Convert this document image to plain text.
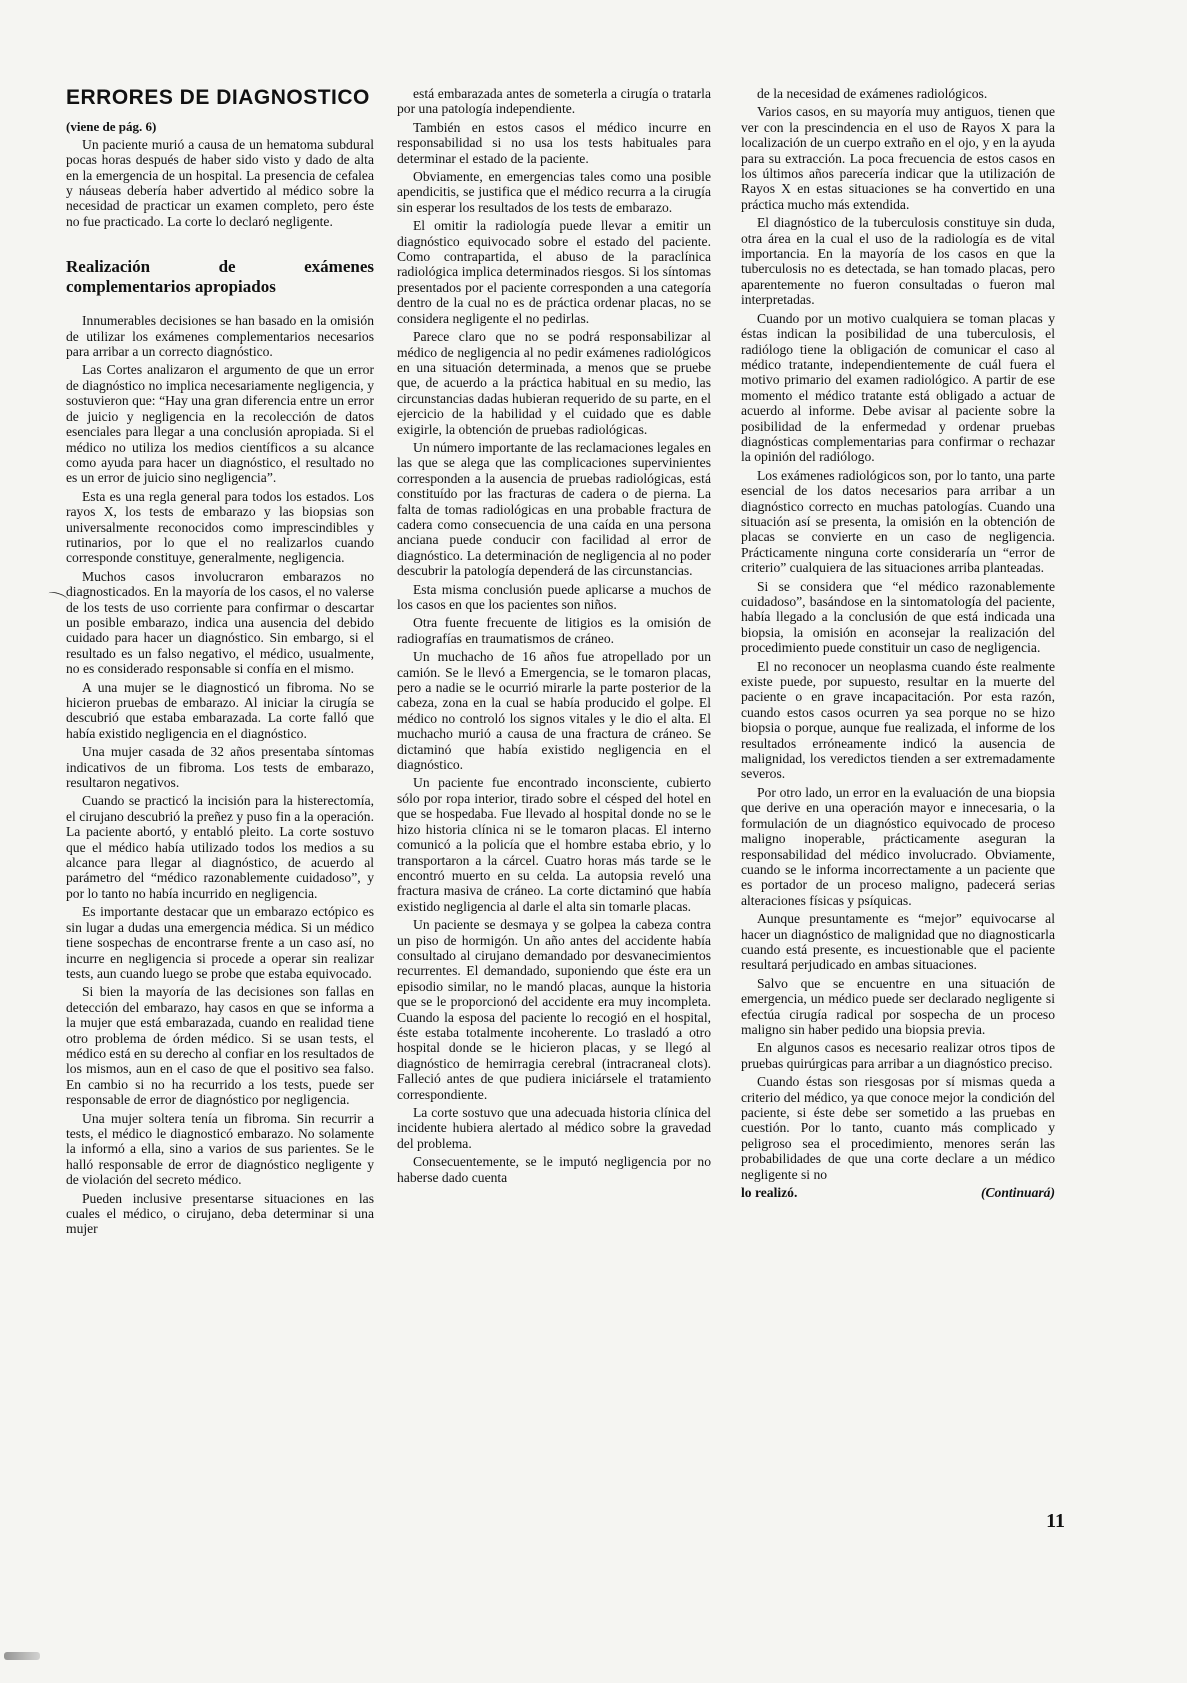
ERRORES DE DIAGNOSTICO
(viene de pág. 6)

Un paciente murió a causa de un hematoma subdural pocas horas después de haber sido visto y dado de alta en la emergencia de un hospital. La presencia de cefalea y náuseas debería haber advertido al médico sobre la necesidad de practicar un examen completo, pero éste no fue practicado. La corte lo declaró negligente.

Realización de exámenes complementarios apropiados

Innumerables decisiones se han basado en la omisión de utilizar los exámenes complementarios necesarios para arribar a un correcto diagnóstico.

Las Cortes analizaron el argumento de que un error de diagnóstico no implica necesariamente negligencia, y sostuvieron que: “Hay una gran diferencia entre un error de juicio y negligencia en la recolección de datos esenciales para llegar a una conclusión apropiada. Si el médico no utiliza los medios científicos a su alcance como ayuda para hacer un diagnóstico, el resultado no es un error de juicio sino negligencia”.

Esta es una regla general para todos los estados. Los rayos X, los tests de embarazo y las biopsias son universalmente reconocidos como imprescindibles y rutinarios, por lo que el no realizarlos cuando corresponde constituye, generalmente, negligencia.

Muchos casos involucraron embarazos no diagnosticados. En la mayoría de los casos, el no valerse de los tests de uso corriente para confirmar o descartar un posible embarazo, indica una ausencia del debido cuidado para hacer un diagnóstico. Sin embargo, si el resultado es un falso negativo, el médico, usualmente, no es considerado responsable si confía en el mismo.

A una mujer se le diagnosticó un fibroma. No se hicieron pruebas de embarazo. Al iniciar la cirugía se descubrió que estaba embarazada. La corte falló que había existido negligencia en el diagnóstico.

Una mujer casada de 32 años presentaba síntomas indicativos de un fibroma. Los tests de embarazo, resultaron negativos.

Cuando se practicó la incisión para la histerectomía, el cirujano descubrió la preñez y puso fin a la operación. La paciente abortó, y entabló pleito. La corte sostuvo que el médico había utilizado todos los medios a su alcance para llegar al diagnóstico, de acuerdo al parámetro del “médico razonablemente cuidadoso”, y por lo tanto no había incurrido en negligencia.

Es importante destacar que un embarazo ectópico es sin lugar a dudas una emergencia médica. Si un médico tiene sospechas de encontrarse frente a un caso así, no incurre en negligencia si procede a operar sin realizar tests, aun cuando luego se probe que estaba equivocado.

Si bien la mayoría de las decisiones son fallas en detección del embarazo, hay casos en que se informa a la mujer que está embarazada, cuando en realidad tiene otro problema de órden médico. Si se usan tests, el médico está en su derecho al confiar en los resultados de los mismos, aun en el caso de que el positivo sea falso. En cambio si no ha recurrido a los tests, puede ser responsable de error de diagnóstico por negligencia.

Una mujer soltera tenía un fibroma. Sin recurrir a tests, el médico le diagnosticó embarazo. No solamente la informó a ella, sino a varios de sus parientes. Se le halló responsable de error de diagnóstico negligente y de violación del secreto médico.

Pueden inclusive presentarse situaciones en las cuales el médico, o cirujano, deba determinar si una mujer

está embarazada antes de someterla a cirugía o tratarla por una patología independiente.

También en estos casos el médico incurre en responsabilidad si no usa los tests habituales para determinar el estado de la paciente.

Obviamente, en emergencias tales como una posible apendicitis, se justifica que el médico recurra a la cirugía sin esperar los resultados de los tests de embarazo.

El omitir la radiología puede llevar a emitir un diagnóstico equivocado sobre el estado del paciente. Como contrapartida, el abuso de la paraclínica radiológica implica determinados riesgos. Si los síntomas presentados por el paciente corresponden a una categoría dentro de la cual no es de práctica ordenar placas, no se considera negligente el no pedirlas.

Parece claro que no se podrá responsabilizar al médico de negligencia al no pedir exámenes radiológicos en una situación determinada, a menos que se pruebe que, de acuerdo a la práctica habitual en su medio, las circunstancias dadas hubieran requerido de su parte, en el ejercicio de la habilidad y el cuidado que es dable exigirle, la obtención de pruebas radiológicas.

Un número importante de las reclamaciones legales en las que se alega que las complicaciones supervinientes corresponden a la ausencia de pruebas radiológicas, está constituído por las fracturas de cadera o de pierna. La falta de tomas radiológicas en una probable fractura de cadera como consecuencia de una caída en una persona anciana puede conducir con facilidad al error de diagnóstico. La determinación de negligencia al no poder descubrir la patología dependerá de las circunstancias.

Esta misma conclusión puede aplicarse a muchos de los casos en que los pacientes son niños.

Otra fuente frecuente de litigios es la omisión de radiografías en traumatismos de cráneo.

Un muchacho de 16 años fue atropellado por un camión. Se le llevó a Emergencia, se le tomaron placas, pero a nadie se le ocurrió mirarle la parte posterior de la cabeza, zona en la cual se había producido el golpe. El médico no controló los signos vitales y le dio el alta. El muchacho murió a causa de una fractura de cráneo. Se dictaminó que había existido negligencia en el diagnóstico.

Un paciente fue encontrado inconsciente, cubierto sólo por ropa interior, tirado sobre el césped del hotel en que se hospedaba. Fue llevado al hospital donde no se le hizo historia clínica ni se le tomaron placas. El interno comunicó a la policía que el hombre estaba ebrio, y lo transportaron a la cárcel. Cuatro horas más tarde se le encontró muerto en su celda. La autopsia reveló una fractura masiva de cráneo. La corte dictaminó que había existido negligencia al darle el alta sin tomarle placas.

Un paciente se desmaya y se golpea la cabeza contra un piso de hormigón. Un año antes del accidente había consultado al cirujano demandado por desvanecimientos recurrentes. El demandado, suponiendo que éste era un episodio similar, no le mandó placas, aunque la historia que se le proporcionó del accidente era muy incompleta. Cuando la esposa del paciente lo recogió en el hospital, éste estaba totalmente incoherente. Lo trasladó a otro hospital donde se le hicieron placas, y se llegó al diagnóstico de hemirragia cerebral (intracraneal clots). Falleció antes de que pudiera iniciársele el tratamiento correspondiente.

La corte sostuvo que una adecuada historia clínica del incidente hubiera alertado al médico sobre la gravedad del problema.

Consecuentemente, se le imputó negligencia por no haberse dado cuenta

de la necesidad de exámenes radiológicos.

Varios casos, en su mayoría muy antiguos, tienen que ver con la prescindencia en el uso de Rayos X para la localización de un cuerpo extraño en el ojo, y en la ayuda para su extracción. La poca frecuencia de estos casos en los últimos años parecería indicar que la utilización de Rayos X en estas situaciones se ha convertido en una práctica mucho más extendida.

El diagnóstico de la tuberculosis constituye sin duda, otra área en la cual el uso de la radiología es de vital importancia. En la mayoría de los casos en que la tuberculosis no es detectada, se han tomado placas, pero aparentemente no fueron consultadas o fueron mal interpretadas.

Cuando por un motivo cualquiera se toman placas y éstas indican la posibilidad de una tuberculosis, el radiólogo tiene la obligación de comunicar el caso al médico tratante, independientemente de cuál fuera el motivo primario del examen radiológico. A partir de ese momento el médico tratante está obligado a actuar de acuerdo al informe. Debe avisar al paciente sobre la posibilidad de la enfermedad y ordenar pruebas diagnósticas complementarias para confirmar o rechazar la opinión del radiólogo.

Los exámenes radiológicos son, por lo tanto, una parte esencial de los datos necesarios para arribar a un diagnóstico correcto en muchas patologías. Cuando una situación así se presenta, la omisión en la obtención de placas se convierte en un caso de negligencia. Prácticamente ninguna corte consideraría un “error de criterio” cualquiera de las situaciones arriba planteadas.

Si se considera que “el médico razonablemente cuidadoso”, basándose en la sintomatología del paciente, había llegado a la conclusión de que está indicada una biopsia, la omisión en aconsejar la realización del procedimiento puede constituir un caso de negligencia.

El no reconocer un neoplasma cuando éste realmente existe puede, por supuesto, resultar en la muerte del paciente o en grave incapacitación. Por esta razón, cuando estos casos ocurren ya sea porque no se hizo biopsia o porque, aunque fue realizada, el informe de los resultados erróneamente indicó la ausencia de malignidad, los veredictos tienden a ser extremadamente severos.

Por otro lado, un error en la evaluación de una biopsia que derive en una operación mayor e innecesaria, o la formulación de un diagnóstico equivocado de proceso maligno inoperable, prácticamente aseguran la responsabilidad del médico involucrado. Obviamente, cuando se le informa incorrectamente a un paciente que es portador de un proceso maligno, padecerá serias alteraciones físicas y psíquicas.

Aunque presuntamente es “mejor” equivocarse al hacer un diagnóstico de malignidad que no diagnosticarla cuando está presente, es incuestionable que el paciente resultará perjudicado en ambas situaciones.

Salvo que se encuentre en una situación de emergencia, un médico puede ser declarado negligente si efectúa cirugía radical por sospecha de un proceso maligno sin haber pedido una biopsia previa.

En algunos casos es necesario realizar otros tipos de pruebas quirúrgicas para arribar a un diagnóstico preciso.

Cuando éstas son riesgosas por sí mismas queda a criterio del médico, ya que conoce mejor la condición del paciente, si éste debe ser sometido a las pruebas en cuestión. Por lo tanto, cuanto más complicado y peligroso sea el procedimiento, menores serán las probabilidades de que una corte declare a un médico negligente si no

lo realizó.	(Continuará)
11
